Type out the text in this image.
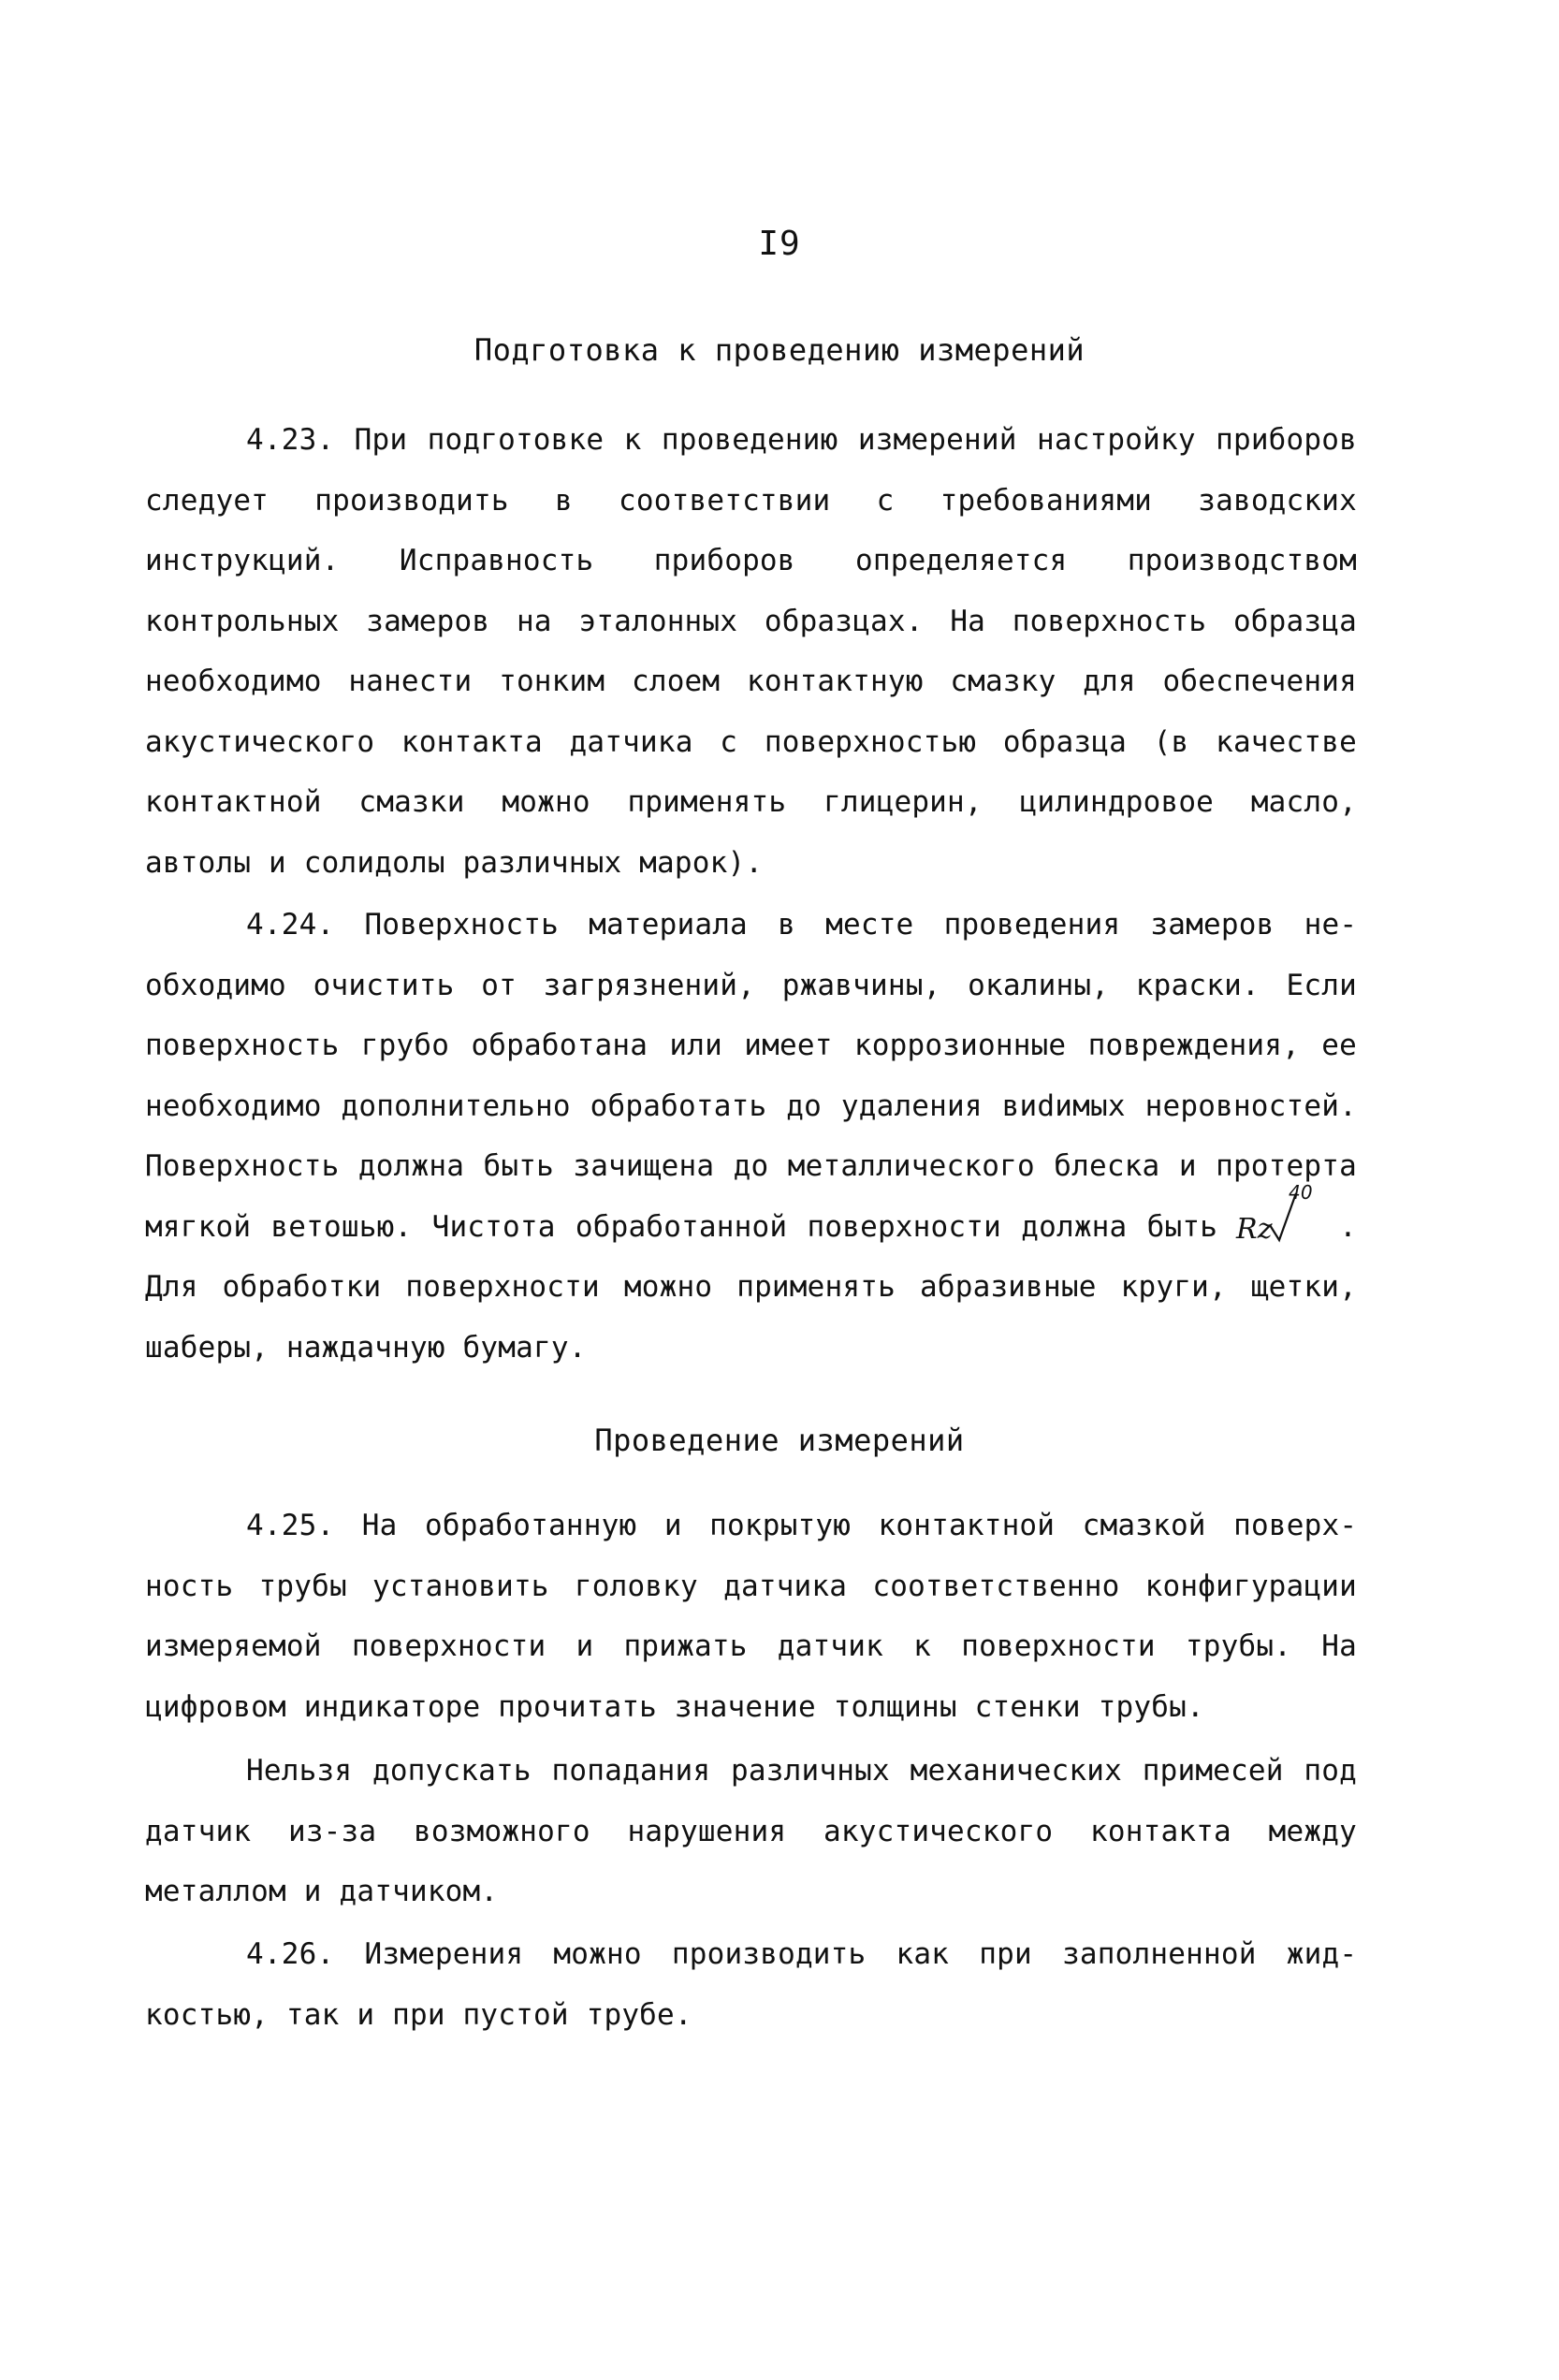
I9
Подготовка к проведению измерений

4.23. При подготовке к проведению измерений настройку приборов следует производить в соответствии с требованиями заводских инструкций. Исправность приборов определяется производством контрольных замеров на эталонных образцах. На поверхность образца необходимо нанести тонким слоем контактную смазку для обеспечения акустического контакта датчика с поверхностью образца (в качестве контактной смазки можно применять глицерин, цилиндровое масло, автолы и солидолы различных марок).

4.24. Поверхность материала в месте проведения замеров необходимо очистить от загрязнений, ржавчины, окалины, краски. Если поверхность грубо обработана или имеет коррозионные повреждения, ее необходимо дополнительно обработать до удаления виdимых неровностей. Поверхность должна быть зачищена до металлического блеска и протерта мягкой ветошью. Чистота обработанной поверхности должна быть Rz
40
. Для обработки поверхности можно применять абразивные круги, щетки, шаберы, наждачную бумагу.

Проведение измерений

4.25. На обработанную и покрытую контактной смазкой поверхность трубы установить головку датчика соответственно конфигурации измеряемой поверхности и прижать датчик к поверхности трубы. На цифровом индикаторе прочитать значение толщины стенки трубы.

Нельзя допускать попадания различных механических примесей под датчик из-за возможного нарушения акустического контакта между металлом и датчиком.

4.26. Измерения можно производить как при заполненной жидкостью, так и при пустой трубе.
